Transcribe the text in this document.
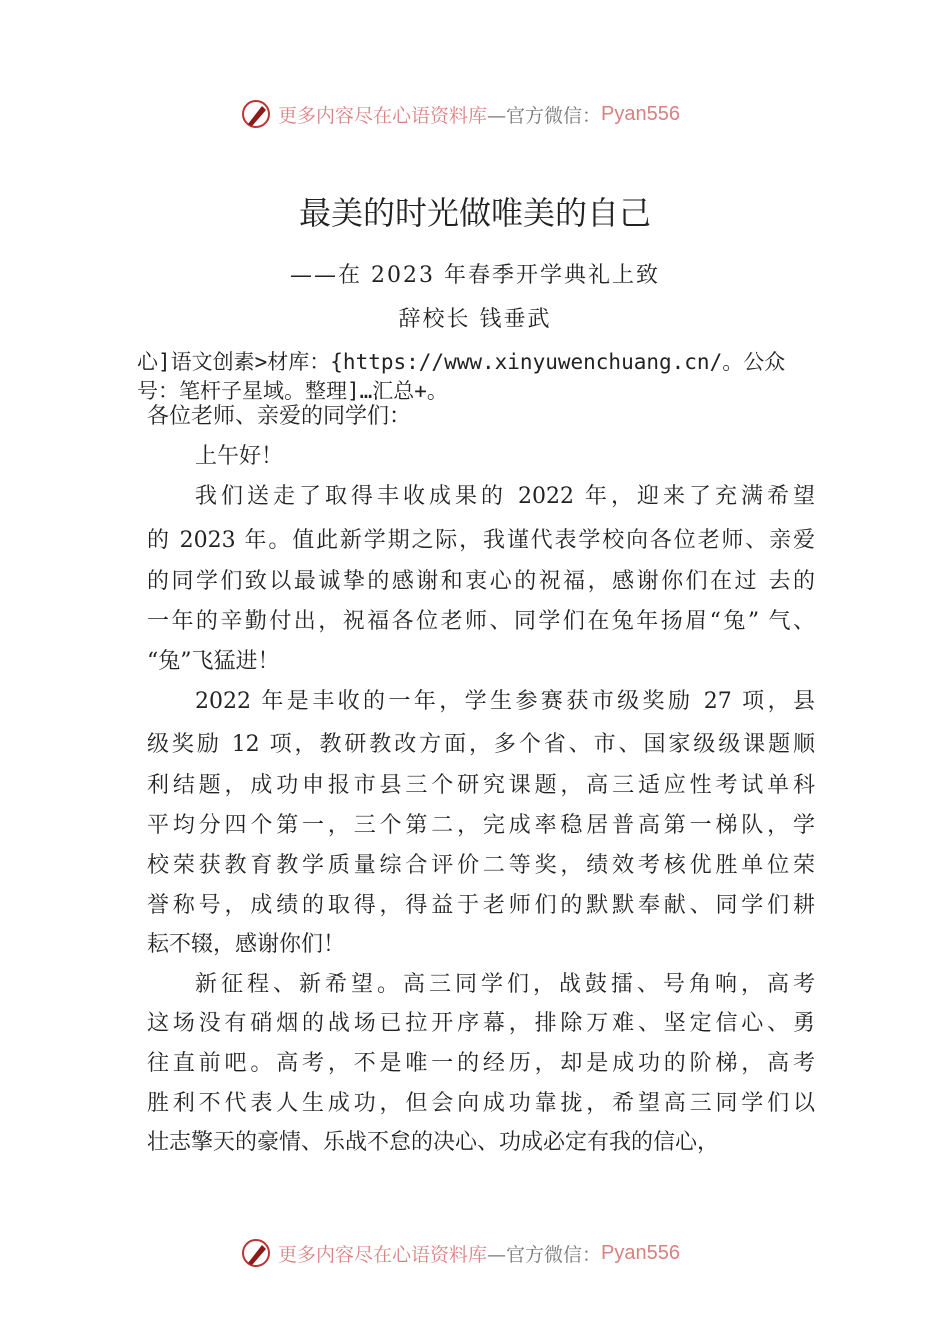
更多内容尽在心语资料库 —官方微信： Pyan556
最美的时光做唯美的自己
——在 2023 年春季开学典礼上致
辞校长 钱垂武
心]语文创素>材库：{https://www.xinyuwenchuang.cn/。公众
号：笔杆子星域。整理]…汇总+。
各位老师、亲爱的同学们：
上午好！
我们送走了取得丰收成果的 2022 年，迎来了充满希望
的 2023 年。值此新学期之际，我谨代表学校向各位老师、亲爱
的同学们致以最诚挚的感谢和衷心的祝福，感谢你们在过 去的
一年的辛勤付出，祝福各位老师、同学们在兔年扬眉“兔” 气、
“兔”飞猛进！
2022 年是丰收的一年，学生参赛获市级奖励 27 项，县
级奖励 12 项，教研教改方面，多个省、市、国家级级课题顺
利结题，成功申报市县三个研究课题，高三适应性考试单科
平均分四个第一，三个第二，完成率稳居普高第一梯队，学
校荣获教育教学质量综合评价二等奖，绩效考核优胜单位荣
誉称号，成绩的取得，得益于老师们的默默奉献、同学们耕
耘不辍，感谢你们！
新征程、新希望。高三同学们，战鼓擂、号角响，高考
这场没有硝烟的战场已拉开序幕，排除万难、坚定信心、勇
往直前吧。高考，不是唯一的经历，却是成功的阶梯，高考
胜利不代表人生成功，但会向成功靠拢，希望高三同学们以
壮志擎天的豪情、乐战不怠的决心、功成必定有我的信心，
更多内容尽在心语资料库 —官方微信： Pyan556
